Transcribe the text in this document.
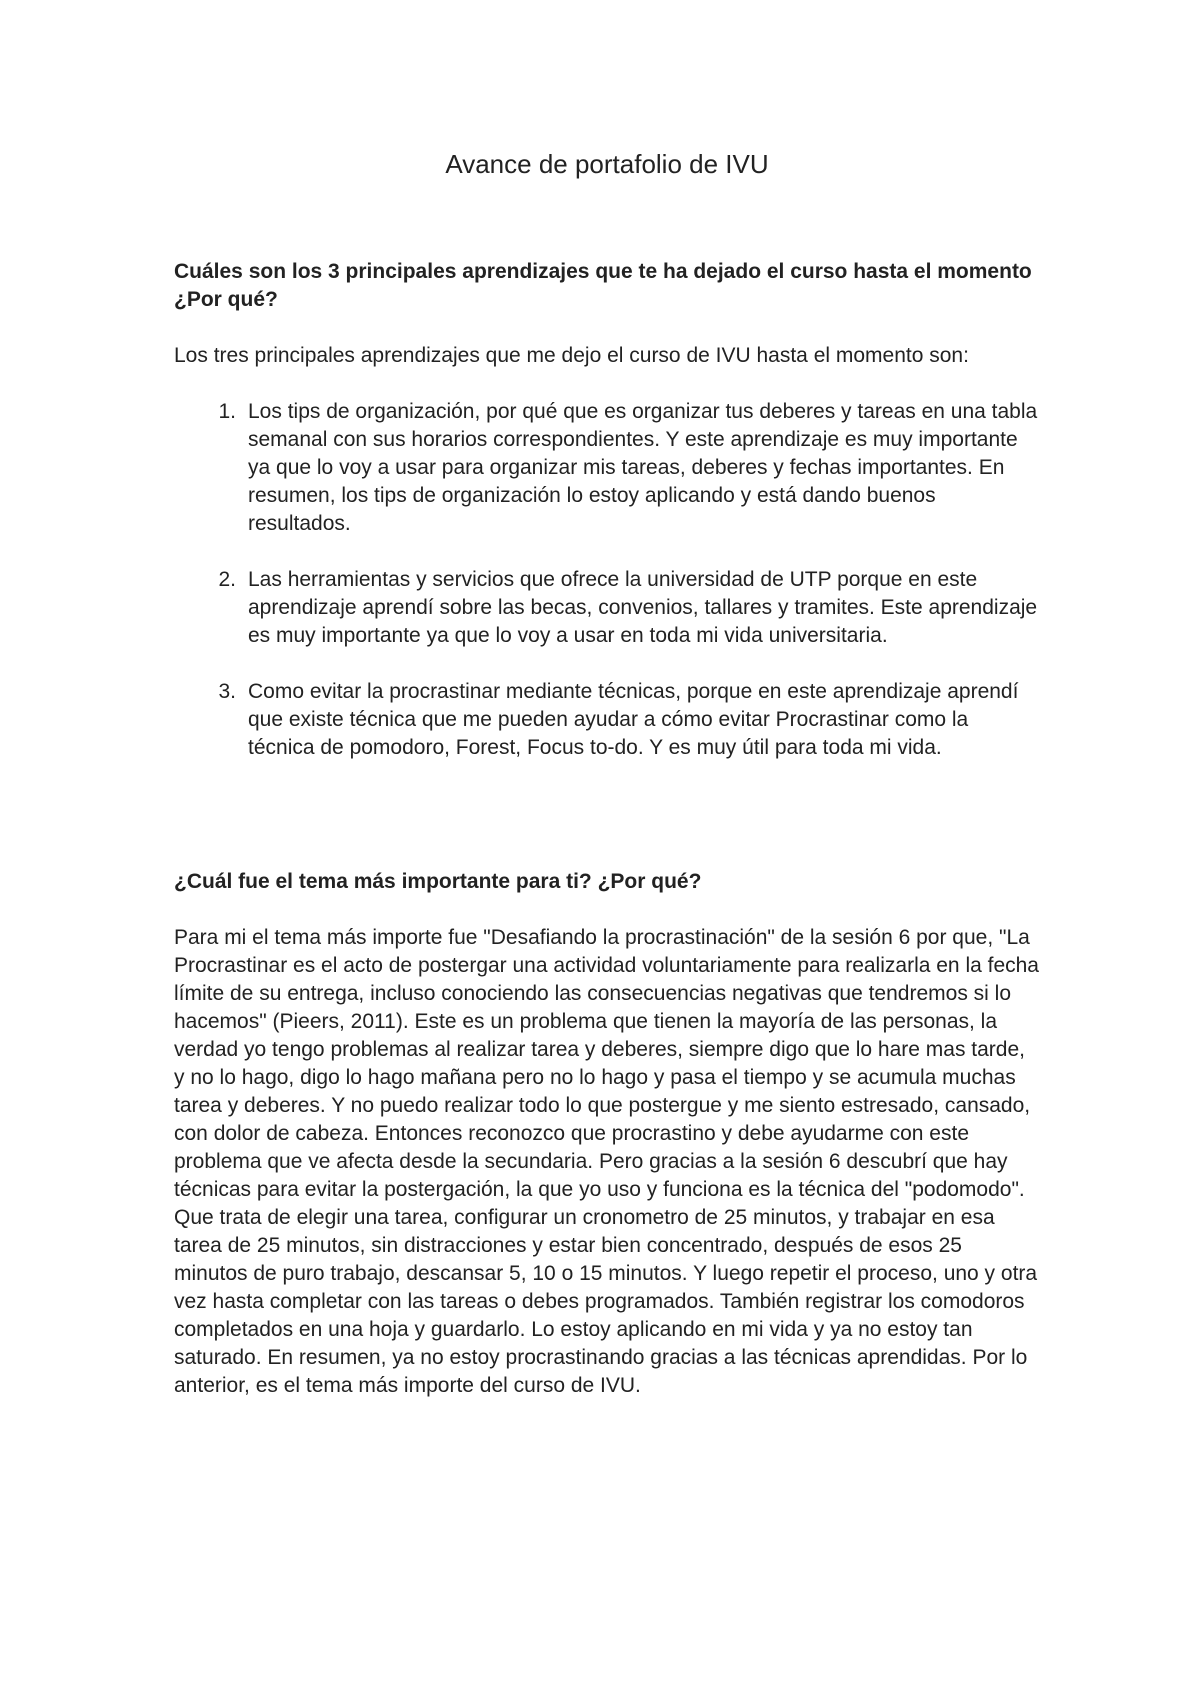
Avance de portafolio de IVU

Cuáles son los 3 principales aprendizajes que te ha dejado el curso hasta el momento ¿Por qué?

Los tres principales aprendizajes que me dejo el curso de IVU hasta el momento son:

1. Los tips de organización, por qué que es organizar tus deberes y tareas en una tabla semanal con sus horarios correspondientes. Y este aprendizaje es muy importante ya que lo voy a usar para organizar mis tareas, deberes y fechas importantes. En resumen, los tips de organización lo estoy aplicando y está dando buenos resultados.
2. Las herramientas y servicios que ofrece la universidad de UTP porque en este aprendizaje aprendí sobre las becas, convenios, tallares y tramites. Este aprendizaje es muy importante ya que lo voy a usar en toda mi vida universitaria.
3. Como evitar la procrastinar mediante técnicas, porque en este aprendizaje aprendí que existe técnica que me pueden ayudar a cómo evitar Procrastinar como la técnica de pomodoro, Forest, Focus to-do. Y es muy útil para toda mi vida.

¿Cuál fue el tema más importante para ti? ¿Por qué?

Para mi el tema más importe fue "Desafiando la procrastinación" de la sesión 6 por que, "La Procrastinar es el acto de postergar una actividad voluntariamente para realizarla en la fecha límite de su entrega, incluso conociendo las consecuencias negativas que tendremos si lo hacemos" (Pieers, 2011). Este es un problema que tienen la mayoría de las personas, la verdad yo tengo problemas al realizar tarea y deberes, siempre digo que lo hare mas tarde, y no lo hago, digo lo hago mañana pero no lo hago y pasa el tiempo y se acumula muchas tarea y deberes. Y no puedo realizar todo lo que postergue y me siento estresado, cansado, con dolor de cabeza. Entonces reconozco que procrastino y debe ayudarme con este problema que ve afecta desde la secundaria. Pero gracias a la sesión 6 descubrí que hay técnicas para evitar la postergación, la que yo uso y funciona es la técnica del "podomodo". Que trata de elegir una tarea, configurar un cronometro de 25 minutos, y trabajar en esa tarea de 25 minutos, sin distracciones y estar bien concentrado, después de esos 25 minutos de puro trabajo, descansar 5, 10 o 15 minutos. Y luego repetir el proceso, uno y otra vez hasta completar con las tareas o debes programados. También registrar los comodoros completados en una hoja y guardarlo. Lo estoy aplicando en mi vida y ya no estoy tan saturado. En resumen, ya no estoy procrastinando gracias a las técnicas aprendidas. Por lo anterior, es el tema más importe del curso de IVU.
